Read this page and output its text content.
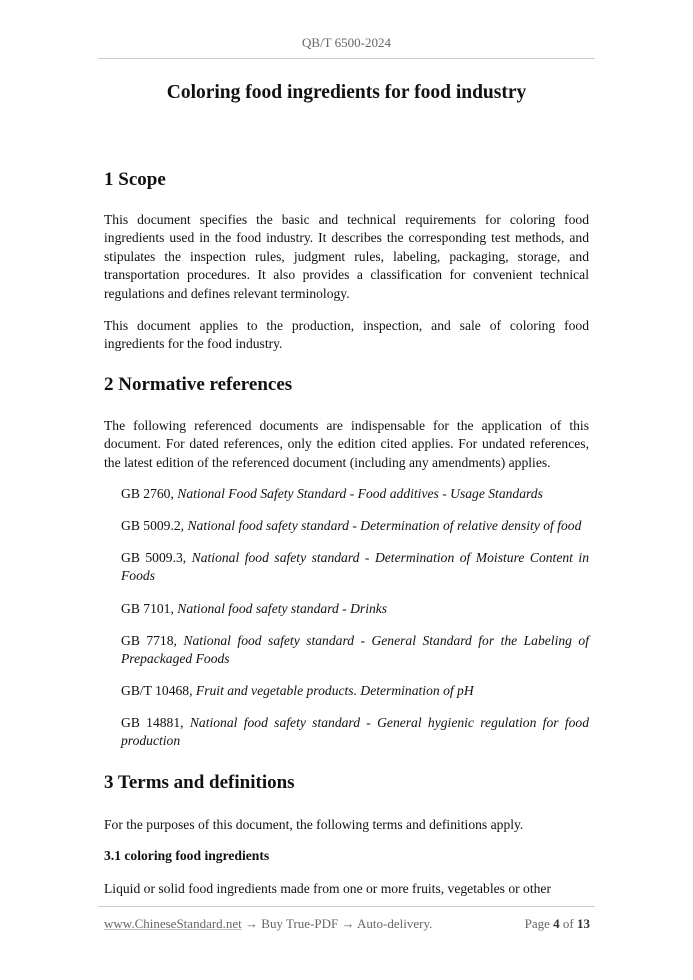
QB/T 6500-2024
Coloring food ingredients for food industry
1 Scope
This document specifies the basic and technical requirements for coloring food ingredients used in the food industry. It describes the corresponding test methods, and stipulates the inspection rules, judgment rules, labeling, packaging, storage, and transportation procedures. It also provides a classification for convenient technical regulations and defines relevant terminology.
This document applies to the production, inspection, and sale of coloring food ingredients for the food industry.
2 Normative references
The following referenced documents are indispensable for the application of this document. For dated references, only the edition cited applies. For undated references, the latest edition of the referenced document (including any amendments) applies.
GB 2760, National Food Safety Standard - Food additives - Usage Standards
GB 5009.2, National food safety standard - Determination of relative density of food
GB 5009.3, National food safety standard - Determination of Moisture Content in Foods
GB 7101, National food safety standard - Drinks
GB 7718, National food safety standard - General Standard for the Labeling of Prepackaged Foods
GB/T 10468, Fruit and vegetable products. Determination of pH
GB 14881, National food safety standard - General hygienic regulation for food production
3 Terms and definitions
For the purposes of this document, the following terms and definitions apply.
3.1 coloring food ingredients
Liquid or solid food ingredients made from one or more fruits, vegetables or other
www.ChineseStandard.net → Buy True-PDF → Auto-delivery.	Page 4 of 13
